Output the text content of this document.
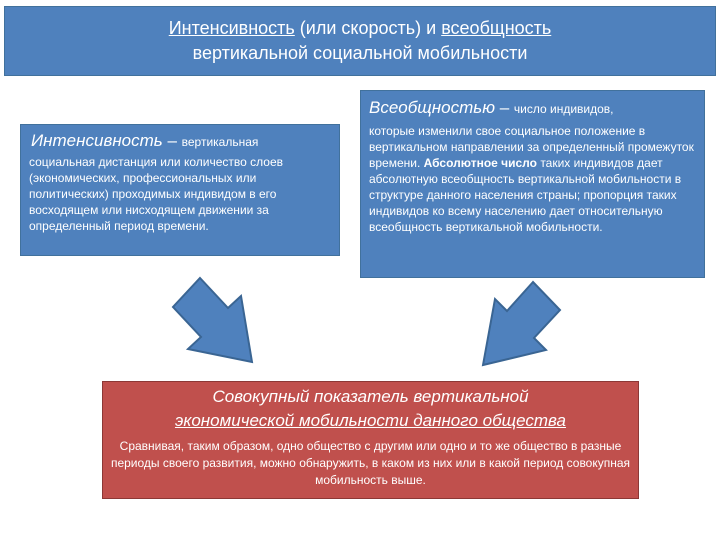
Интенсивность (или скорость) и всеобщность
вертикальной социальной мобильности
Интенсивность – вертикальная
социальная дистанция или количество слоев (экономических, профессиональных или политических) проходимых индивидом в его восходящем или нисходящем движении за определенный период времени.
Всеобщностью – число индивидов,
которые изменили свое социальное положение в вертикальном направлении за определенный промежуток времени. Абсолютное число таких индивидов дает абсолютную всеобщность вертикальной мобильности в структуре данного населения страны; пропорция таких индивидов ко всему населению дает относительную всеобщность вертикальной мобильности.
Совокупный показатель вертикальной
экономической мобильности данного общества
Сравнивая, таким образом, одно общество с другим или одно и то же общество в разные периоды своего развития, можно обнаружить, в каком из них или в какой период совокупная мобильность выше.
